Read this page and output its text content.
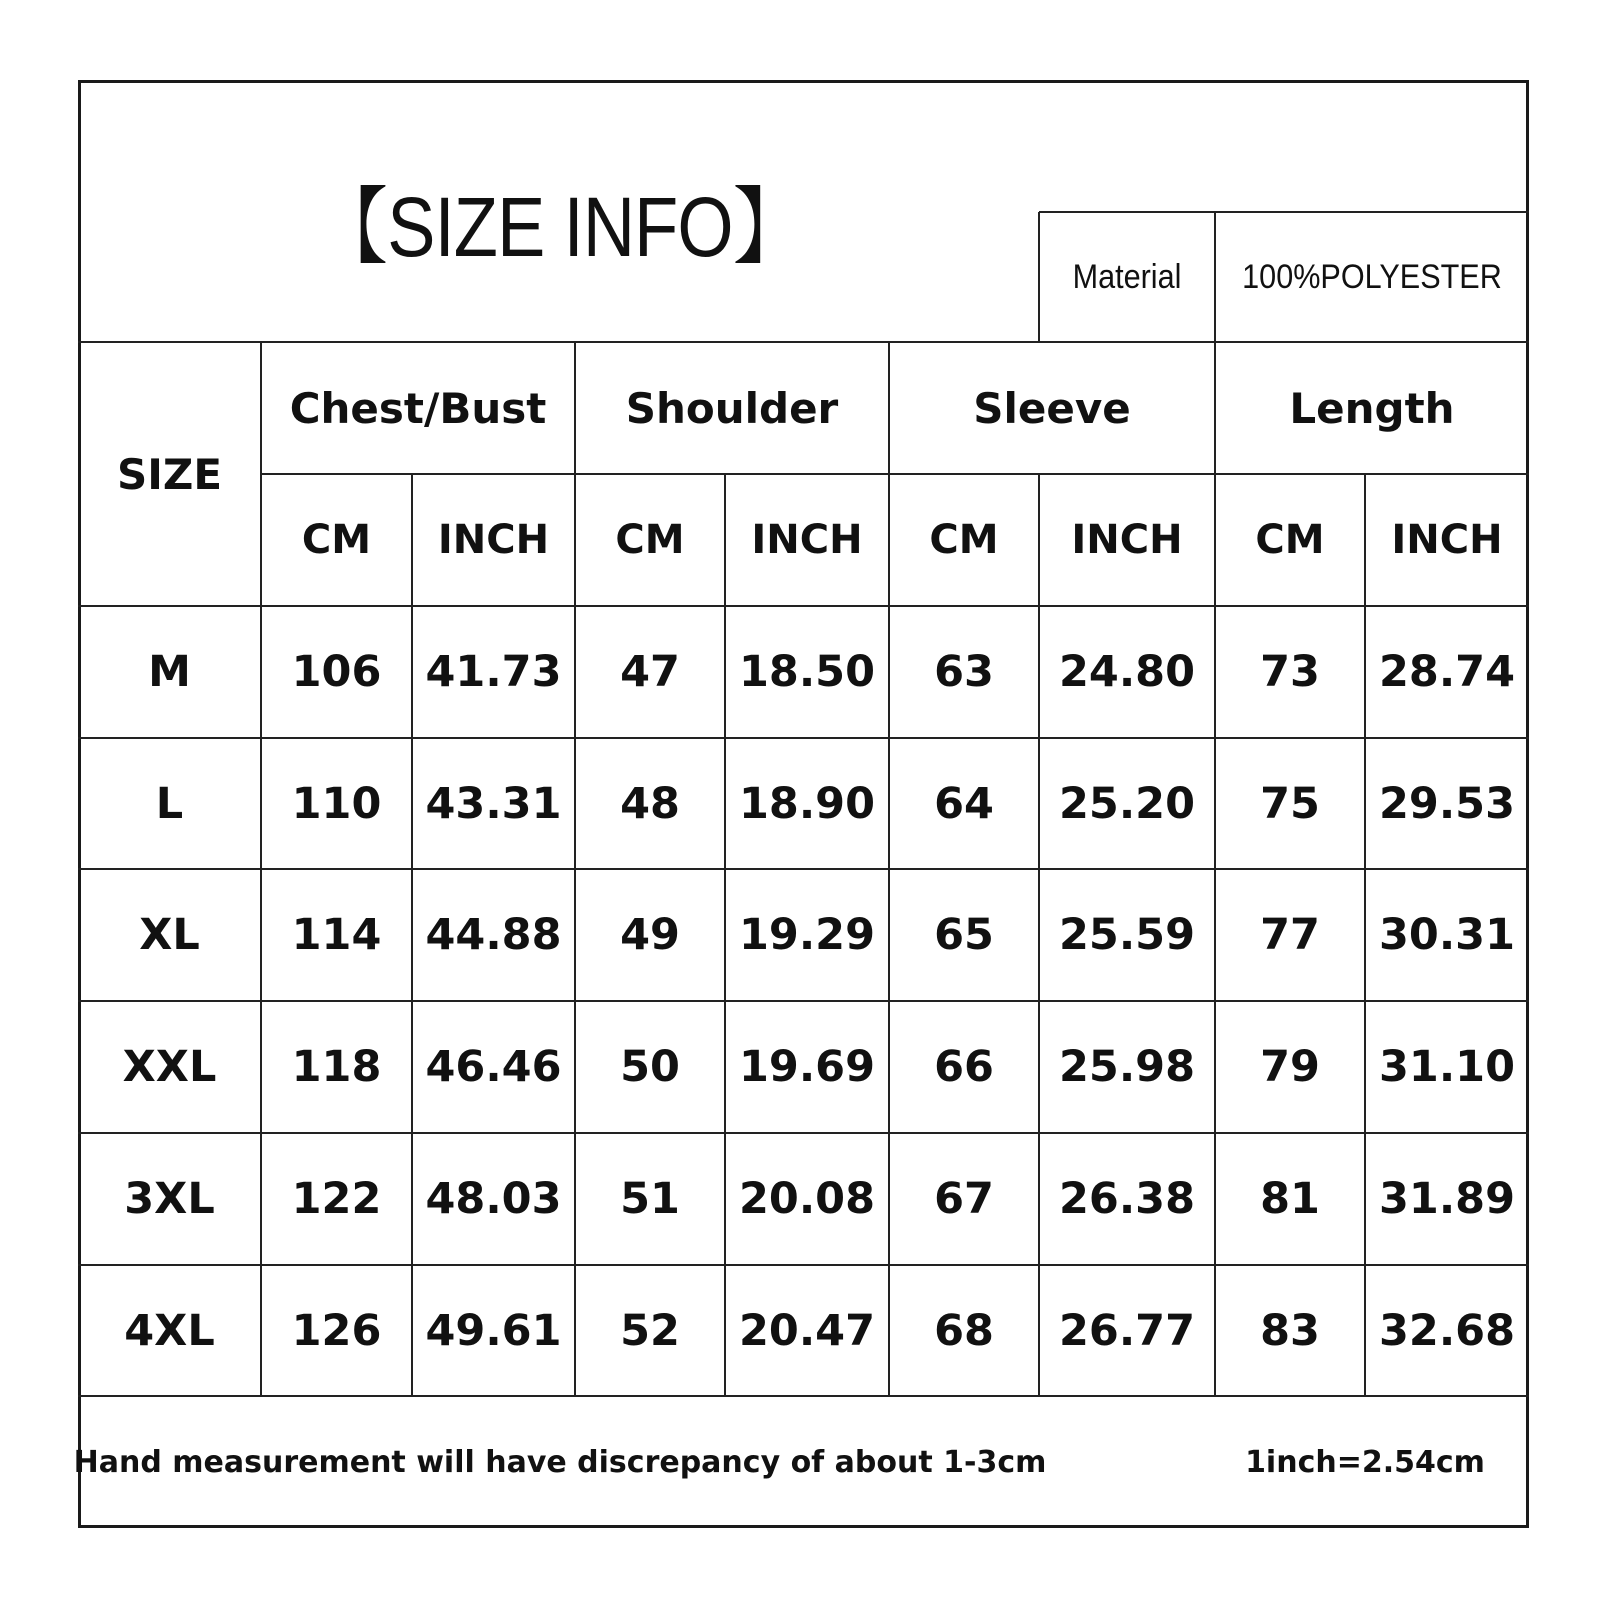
【SIZE INFO】
Material	100%POLYESTER
SIZE
Hand measurement will have discrepancy of about 1-3cm	1inch=2.54cm
Chest/Bust	Shoulder	Sleeve	Length
CM	INCH	CM	INCH	CM	INCH	CM	INCH
M	106	41.73	47	18.50	63	24.80	73	28.74
L	110	43.31	48	18.90	64	25.20	75	29.53
XL	114	44.88	49	19.29	65	25.59	77	30.31
XXL	118	46.46	50	19.69	66	25.98	79	31.10
3XL	122	48.03	51	20.08	67	26.38	81	31.89
4XL	126	49.61	52	20.47	68	26.77	83	32.68
